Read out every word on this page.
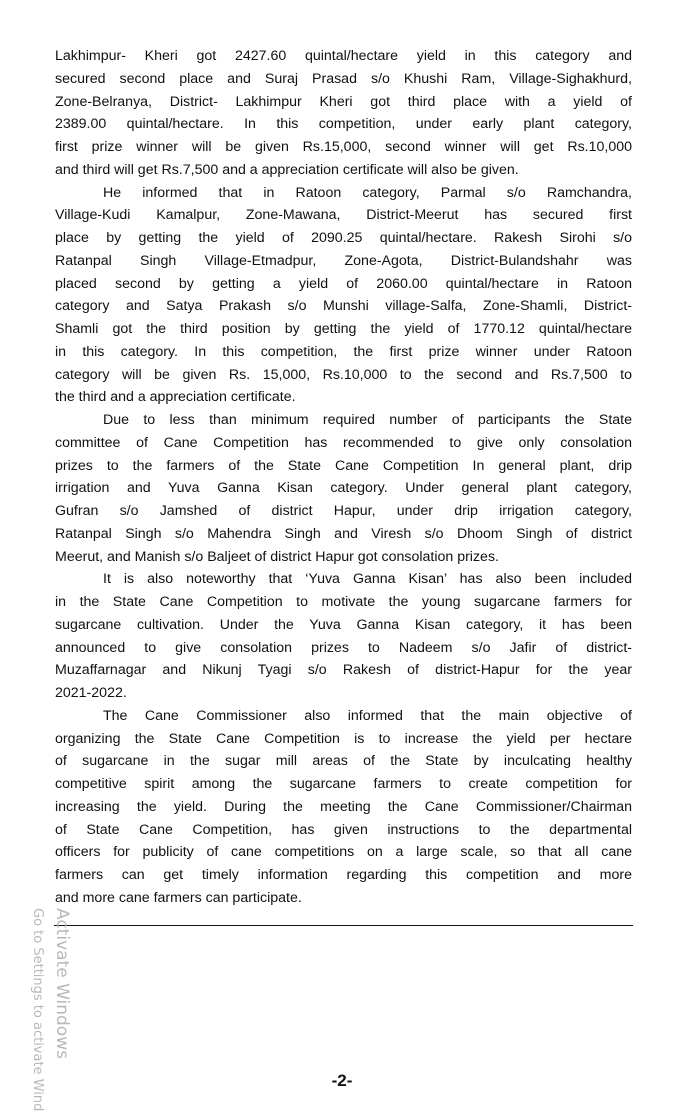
Lakhimpur- Kheri got 2427.60 quintal/hectare yield in this category and
secured second place and Suraj Prasad s/o Khushi Ram, Village-Sighakhurd,
Zone-Belranya, District- Lakhimpur Kheri got third place with a yield of
2389.00 quintal/hectare. In this competition, under early plant category,
first prize winner will be given Rs.15,000, second winner will get Rs.10,000
and third will get Rs.7,500 and a appreciation certificate will also be given.
He informed that in Ratoon category, Parmal s/o Ramchandra,
Village-Kudi Kamalpur, Zone-Mawana, District-Meerut has secured first
place by getting the yield of 2090.25 quintal/hectare. Rakesh Sirohi s/o
Ratanpal Singh Village-Etmadpur, Zone-Agota, District-Bulandshahr was
placed second by getting a yield of 2060.00 quintal/hectare in Ratoon
category and Satya Prakash s/o Munshi village-Salfa, Zone-Shamli, District-
Shamli got the third position by getting the yield of 1770.12 quintal/hectare
in this category. In this competition, the first prize winner under Ratoon
category will be given Rs. 15,000, Rs.10,000 to the second and Rs.7,500 to
the third and a appreciation certificate.
Due to less than minimum required number of participants the State
committee of Cane Competition has recommended to give only consolation
prizes to the farmers of the State Cane Competition In general plant, drip
irrigation and Yuva Ganna Kisan category. Under general plant category,
Gufran s/o Jamshed of district Hapur, under drip irrigation category,
Ratanpal Singh s/o Mahendra Singh and Viresh s/o Dhoom Singh of district
Meerut, and Manish s/o Baljeet of district Hapur got consolation prizes.
It is also noteworthy that ‘Yuva Ganna Kisan’ has also been included
in the State Cane Competition to motivate the young sugarcane farmers for
sugarcane cultivation. Under the Yuva Ganna Kisan category, it has been
announced to give consolation prizes to Nadeem s/o Jafir of district-
Muzaffarnagar and Nikunj Tyagi s/o Rakesh of district-Hapur for the year
2021-2022.
The Cane Commissioner also informed that the main objective of
organizing the State Cane Competition is to increase the yield per hectare
of sugarcane in the sugar mill areas of the State by inculcating healthy
competitive spirit among the sugarcane farmers to create competition for
increasing the yield. During the meeting the Cane Commissioner/Chairman
of State Cane Competition, has given instructions to the departmental
officers for publicity of cane competitions on a large scale, so that all cane
farmers can get timely information regarding this competition and more
and more cane farmers can participate.
-2-
Activate Windows
Go to Settings to activate Wind
